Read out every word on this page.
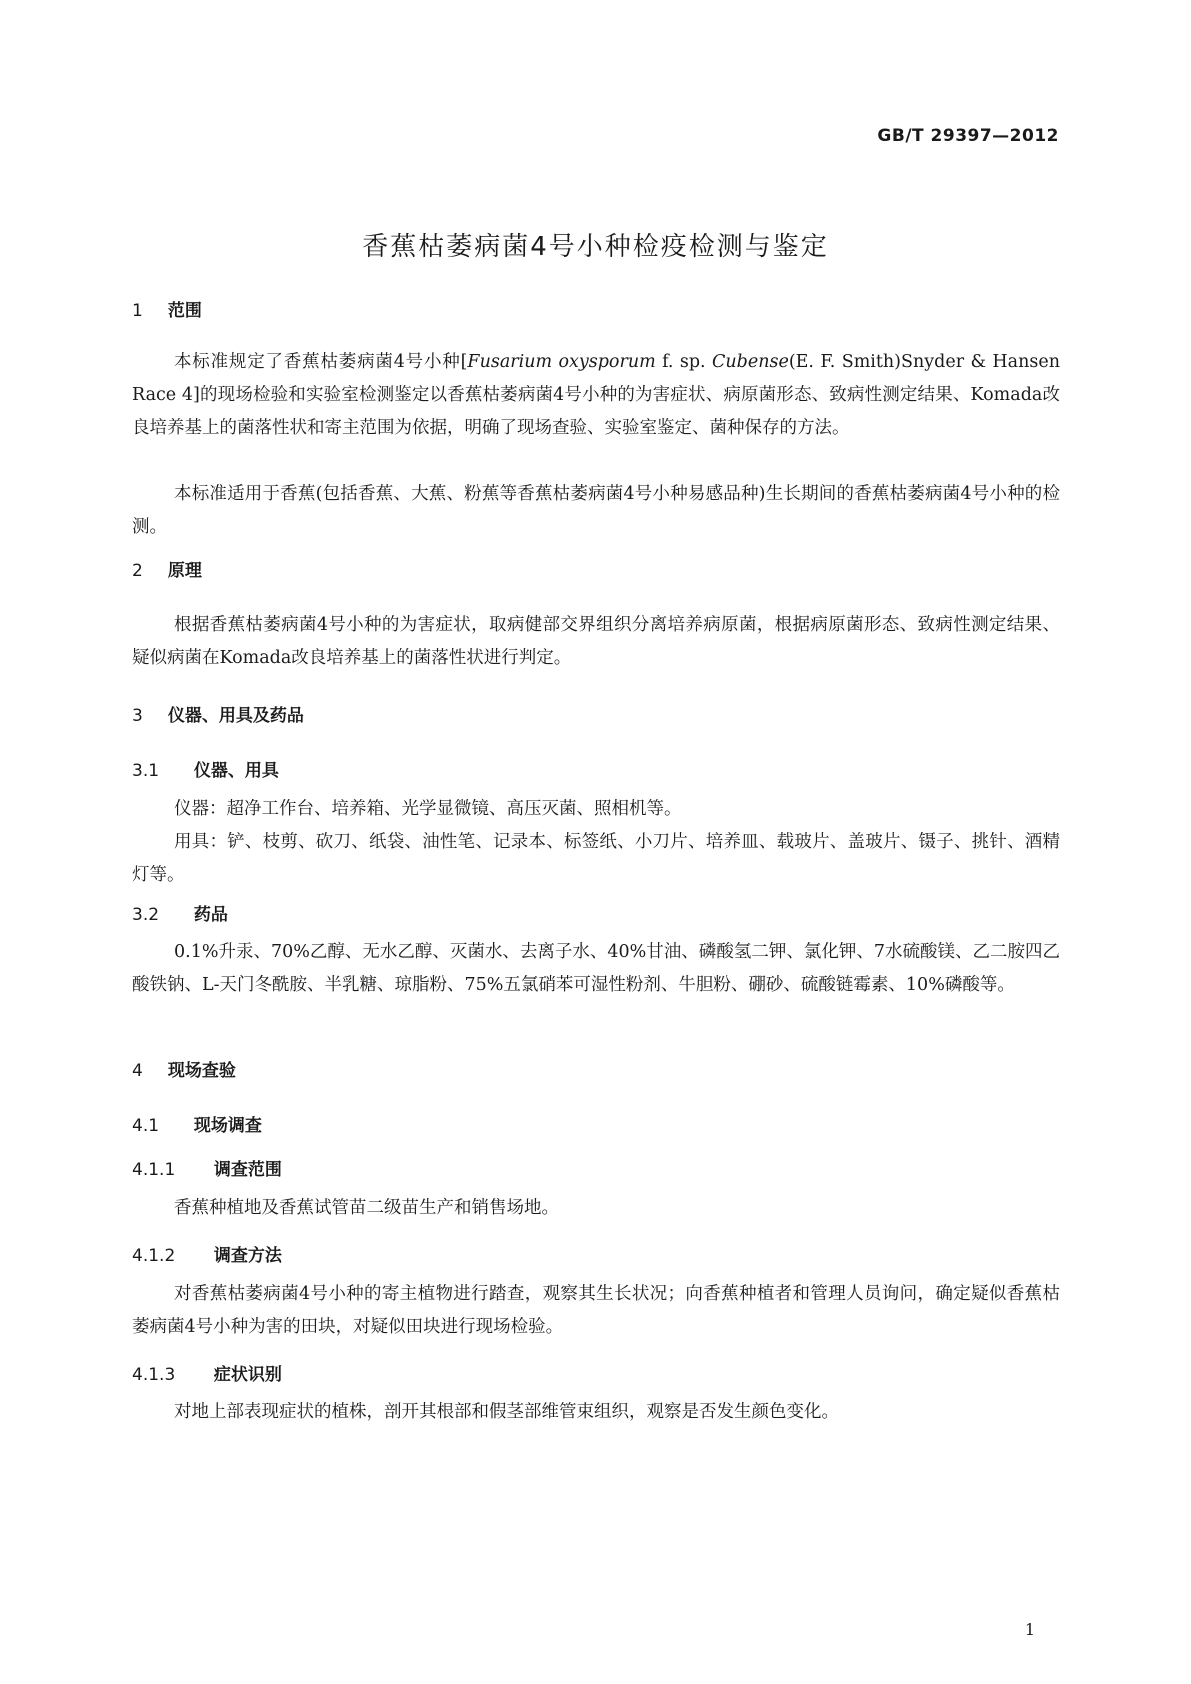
GB/T 29397—2012
香蕉枯萎病菌4号小种检疫检测与鉴定
1 范围

本标准规定了香蕉枯萎病菌4号小种[Fusarium oxysporum f. sp. Cubense(E. F. Smith)Snyder & Hansen Race 4]的现场检验和实验室检测鉴定以香蕉枯萎病菌4号小种的为害症状、病原菌形态、致病性测定结果、Komada改良培养基上的菌落性状和寄主范围为依据，明确了现场查验、实验室鉴定、菌种保存的方法。

本标准适用于香蕉(包括香蕉、大蕉、粉蕉等香蕉枯萎病菌4号小种易感品种)生长期间的香蕉枯萎病菌4号小种的检测。

2 原理

根据香蕉枯萎病菌4号小种的为害症状，取病健部交界组织分离培养病原菌，根据病原菌形态、致病性测定结果、疑似病菌在Komada改良培养基上的菌落性状进行判定。

3 仪器、用具及药品
3.1 仪器、用具

仪器：超净工作台、培养箱、光学显微镜、高压灭菌、照相机等。

用具：铲、枝剪、砍刀、纸袋、油性笔、记录本、标签纸、小刀片、培养皿、载玻片、盖玻片、镊子、挑针、酒精灯等。

3.2 药品

0.1%升汞、70%乙醇、无水乙醇、灭菌水、去离子水、40%甘油、磷酸氢二钾、氯化钾、7水硫酸镁、乙二胺四乙酸铁钠、L-天门冬酰胺、半乳糖、琼脂粉、75%五氯硝苯可湿性粉剂、牛胆粉、硼砂、硫酸链霉素、10%磷酸等。

4 现场查验
4.1 现场调查
4.1.1 调查范围

香蕉种植地及香蕉试管苗二级苗生产和销售场地。

4.1.2 调查方法

对香蕉枯萎病菌4号小种的寄主植物进行踏查，观察其生长状况；向香蕉种植者和管理人员询问，确定疑似香蕉枯萎病菌4号小种为害的田块，对疑似田块进行现场检验。

4.1.3 症状识别

对地上部表现症状的植株，剖开其根部和假茎部维管束组织，观察是否发生颜色变化。

1
